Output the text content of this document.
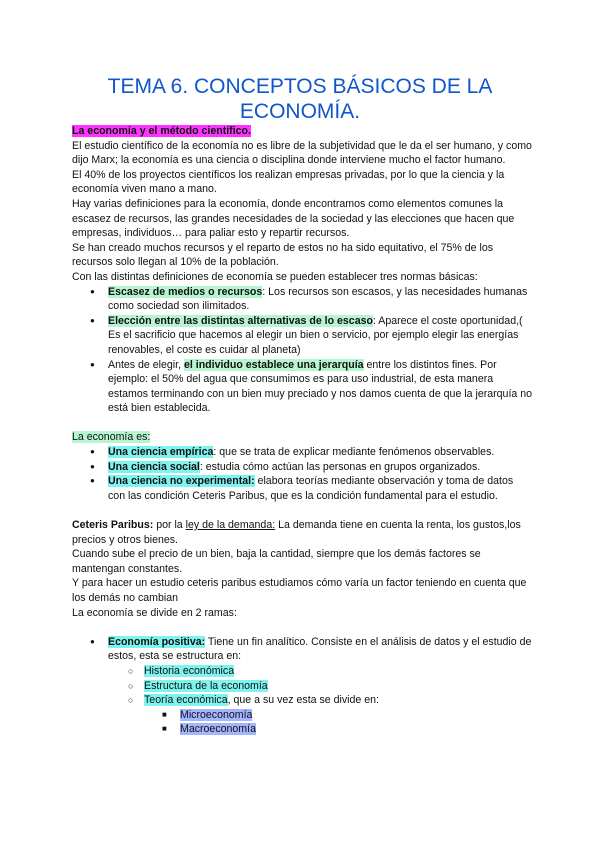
TEMA 6. CONCEPTOS BÁSICOS DE LA ECONOMÍA.

La economía y el método científico.

El estudio científico de la economía no es libre de la subjetividad que le da el ser humano, y como dijo Marx; la economía es una ciencia o disciplina donde interviene mucho el factor humano.

El 40% de los proyectos científicos los realizan empresas privadas, por lo que la ciencia y la economía viven mano a mano.

Hay varias definiciones para la economía, donde encontramos como elementos comunes la escasez de recursos, las grandes necesidades de la sociedad y las elecciones que hacen que empresas, individuos… para paliar esto y repartir recursos.

Se han creado muchos recursos y el reparto de estos no ha sido equitativo, el 75% de los recursos solo llegan al 10% de la población.

Con las distintas definiciones de economía se pueden establecer tres normas básicas:

● Escasez de medios o recursos: Los recursos son escasos, y las necesidades humanas como sociedad son ilimitados.
● Elección entre las distintas alternativas de lo escaso: Aparece el coste oportunidad,( Es el sacrificio que hacemos al elegir un bien o servicio, por ejemplo elegir las energías renovables, el coste es cuidar al planeta)
● Antes de elegir, el individuo establece una jerarquía entre los distintos fines. Por ejemplo: el 50% del agua que consumimos es para uso industrial, de esta manera estamos terminando con un bien muy preciado y nos damos cuenta de que la jerarquía no está bien establecida.

La economía es:

● Una ciencia empírica: que se trata de explicar mediante fenómenos observables.
● Una ciencia social: estudia cómo actúan las personas en grupos organizados.
● Una ciencia no experimental: elabora teorías mediante observación y toma de datos con las condición Ceteris Paribus, que es la condición fundamental para el estudio.

Ceteris Paribus: por la ley de la demanda: La demanda tiene en cuenta la renta, los gustos,los precios y otros bienes.

Cuando sube el precio de un bien, baja la cantidad, siempre que los demás factores se mantengan constantes.

Y para hacer un estudio ceteris paribus estudiamos cómo varía un factor teniendo en cuenta que los demás no cambian

La economía se divide en 2 ramas:

● Economía positiva: Tiene un fin analítico. Consiste en el análisis de datos y el estudio de estos, esta se estructura en:
○ Historia económica
○ Estructura de la economía
○ Teoría económica, que a su vez esta se divide en:
■ Microeconomía
■ Macroeconomía
